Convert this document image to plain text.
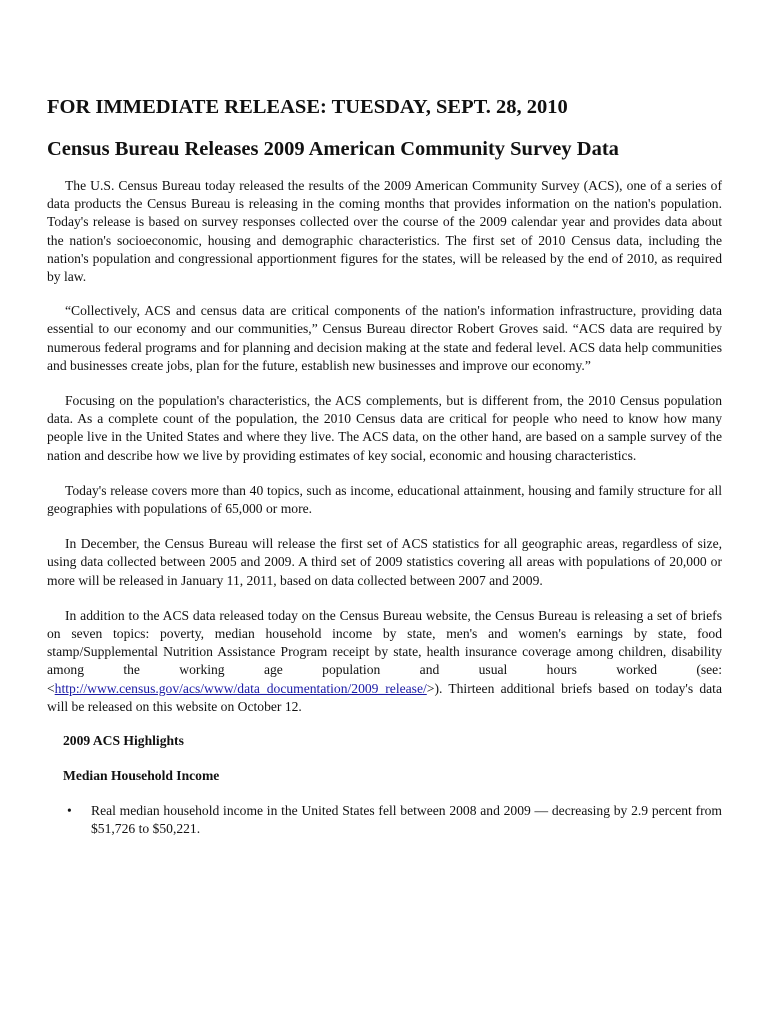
FOR IMMEDIATE RELEASE: TUESDAY, SEPT. 28, 2010

Census Bureau Releases 2009 American Community Survey Data

The U.S. Census Bureau today released the results of the 2009 American Community Survey (ACS), one of a series of data products the Census Bureau is releasing in the coming months that provides information on the nation's population. Today's release is based on survey responses collected over the course of the 2009 calendar year and provides data about the nation's socioeconomic, housing and demographic characteristics. The first set of 2010 Census data, including the nation's population and congressional apportionment figures for the states, will be released by the end of 2010, as required by law.

“Collectively, ACS and census data are critical components of the nation's information infrastructure, providing data essential to our economy and our communities,” Census Bureau director Robert Groves said. “ACS data are required by numerous federal programs and for planning and decision making at the state and federal level. ACS data help communities and businesses create jobs, plan for the future, establish new businesses and improve our economy.”

Focusing on the population's characteristics, the ACS complements, but is different from, the 2010 Census population data. As a complete count of the population, the 2010 Census data are critical for people who need to know how many people live in the United States and where they live. The ACS data, on the other hand, are based on a sample survey of the nation and describe how we live by providing estimates of key social, economic and housing characteristics.

Today's release covers more than 40 topics, such as income, educational attainment, housing and family structure for all geographies with populations of 65,000 or more.

In December, the Census Bureau will release the first set of ACS statistics for all geographic areas, regardless of size, using data collected between 2005 and 2009. A third set of 2009 statistics covering all areas with populations of 20,000 or more will be released in January 11, 2011, based on data collected between 2007 and 2009.

In addition to the ACS data released today on the Census Bureau website, the Census Bureau is releasing a set of briefs on seven topics: poverty, median household income by state, men's and women's earnings by state, food stamp/Supplemental Nutrition Assistance Program receipt by state, health insurance coverage among children, disability among the working age population and usual hours worked (see: <http://www.census.gov/acs/www/data_documentation/2009_release/>). Thirteen additional briefs based on today's data will be released on this website on October 12.

2009 ACS Highlights

Median Household Income

• Real median household income in the United States fell between 2008 and 2009 — decreasing by 2.9 percent from $51,726 to $50,221.
